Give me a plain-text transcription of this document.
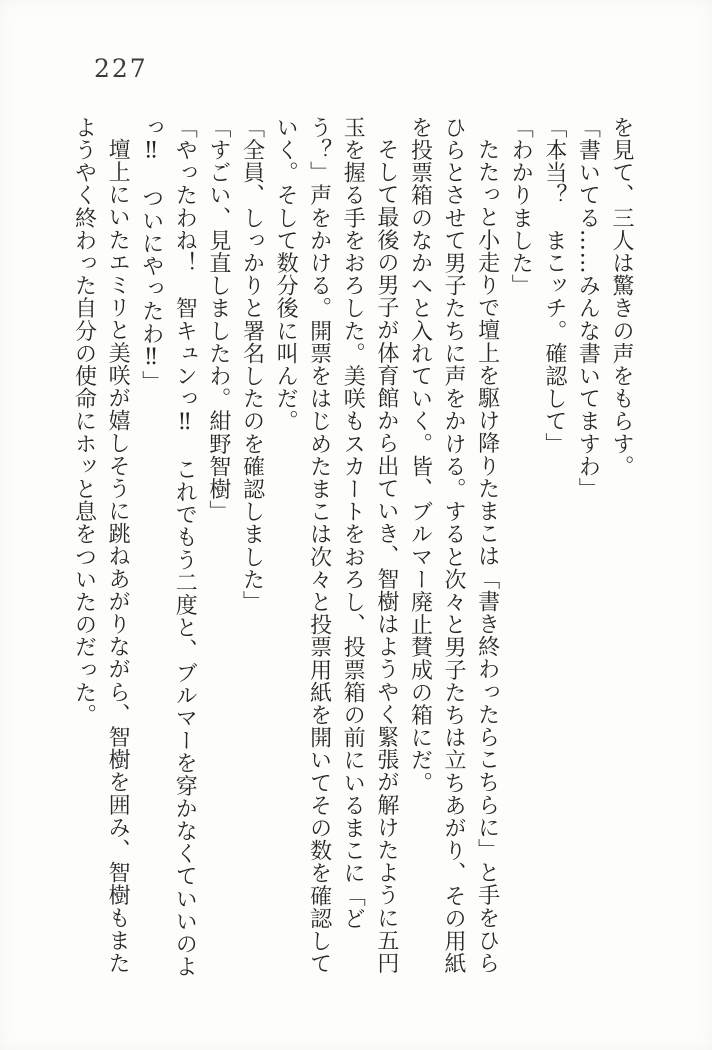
227
を見て、三人は驚きの声をもらす。
「書いてる……みんな書いてますわ」
「本当？　まこッチ。確認して」
「わかりました」
たたっと小走りで壇上を駆け降りたまこは「書き終わったらこちらに」と手をひら
ひらとさせて男子たちに声をかける。すると次々と男子たちは立ちあがり、その用紙
を投票箱のなかへと入れていく。皆、ブルマー廃止賛成の箱にだ。
そして最後の男子が体育館から出ていき、智樹はようやく緊張が解けたように五円
玉を握る手をおろした。美咲もスカートをおろし、投票箱の前にいるまこに「ど
う？」声をかける。開票をはじめたまこは次々と投票用紙を開いてその数を確認して
いく。そして数分後に叫んだ。
「全員、しっかりと署名したのを確認しました」
「すごい、見直しましたわ。紺野智樹」
「やったわね！　智キュンっ‼　これでもう二度と、ブルマーを穿かなくていいのよ
っ‼　ついにやったわ‼」
壇上にいたエミリと美咲が嬉しそうに跳ねあがりながら、智樹を囲み、智樹もまた
ようやく終わった自分の使命にホッと息をついたのだった。
